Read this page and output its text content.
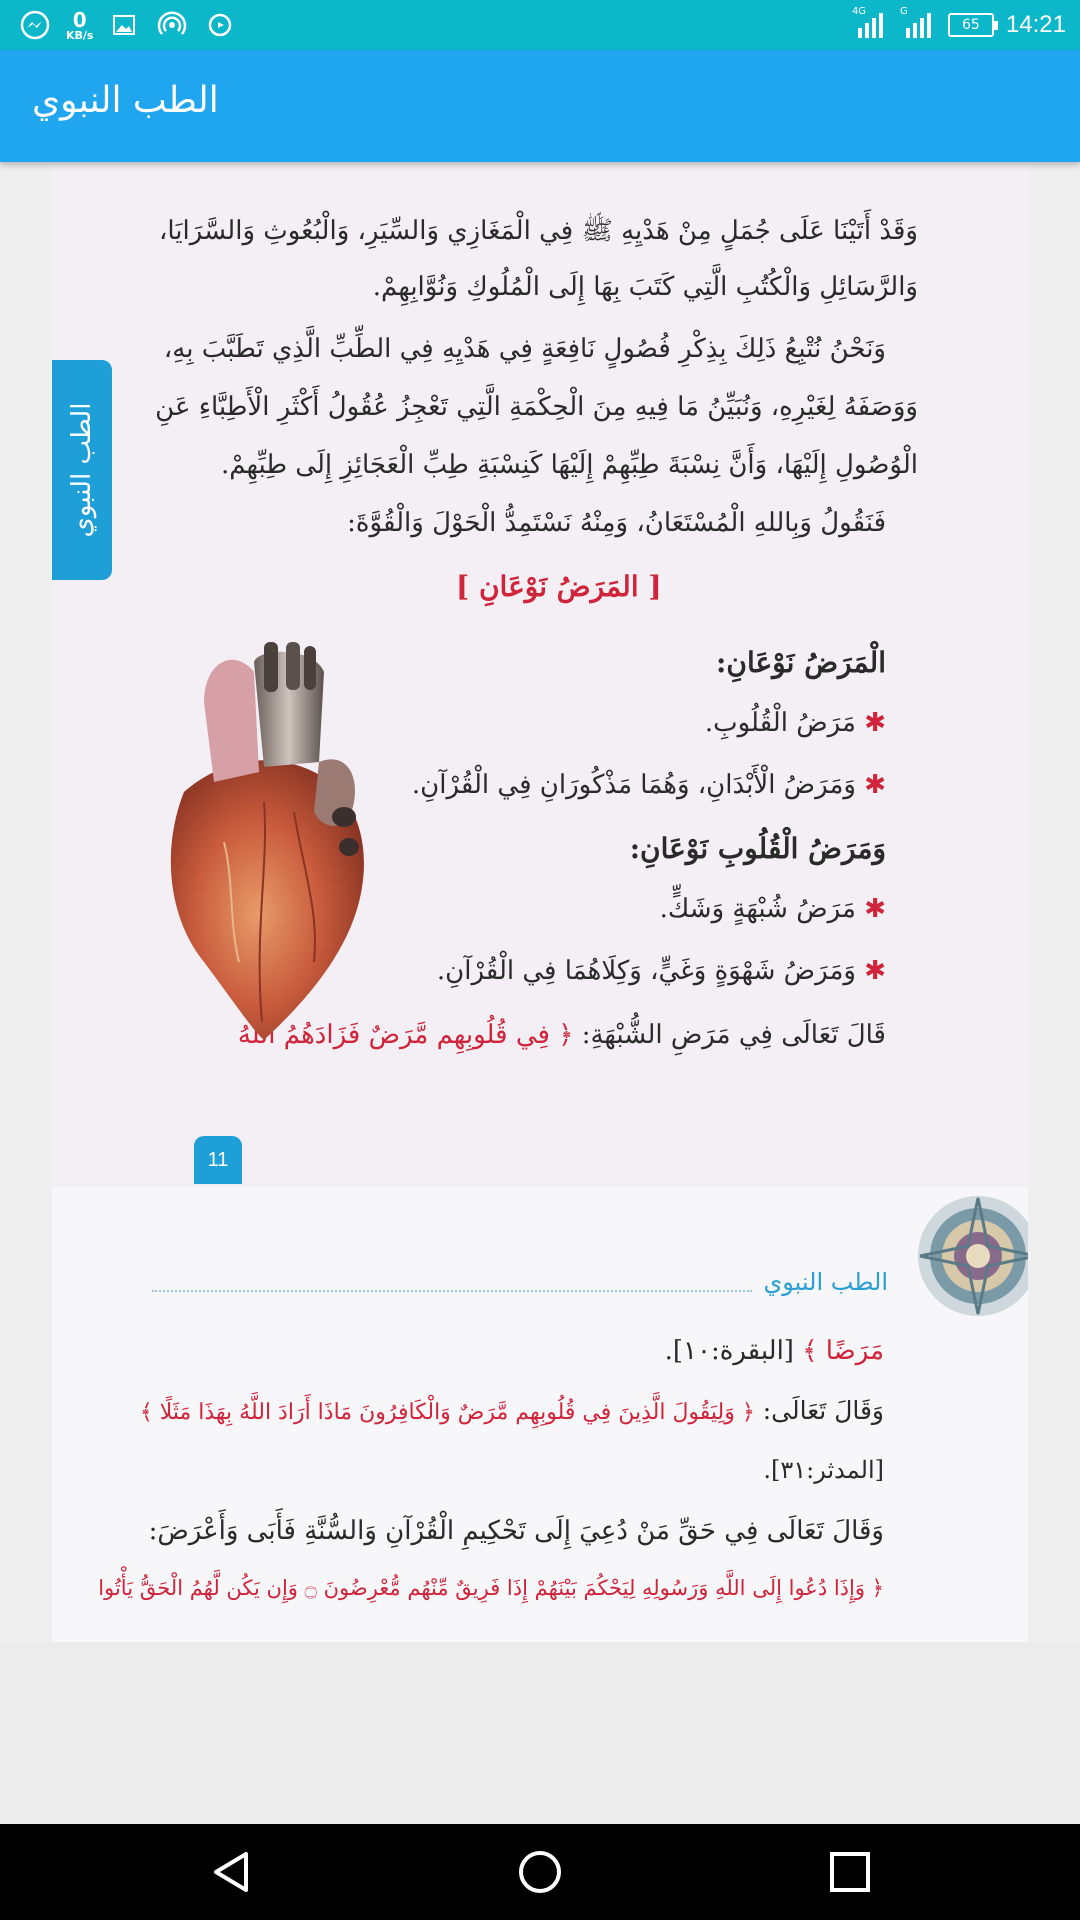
0
KB/s
4G	G
65 14:21
الطب النبوي
الطب النبوي
وَقَدْ أَتَيْنَا عَلَى جُمَلٍ مِنْ هَدْيِهِ ﷺ فِي الْمَغَازِي وَالسِّيَرِ، وَالْبُعُوثِ وَالسَّرَايَا،
وَالرَّسَائِلِ وَالْكُتُبِ الَّتِي كَتَبَ بِهَا إِلَى الْمُلُوكِ وَنُوَّابِهِمْ.
وَنَحْنُ نُتْبِعُ ذَلِكَ بِذِكْرِ فُصُولٍ نَافِعَةٍ فِي هَدْيِهِ فِي الطِّبِّ الَّذِي تَطَبَّبَ بِهِ،
وَوَصَفَهُ لِغَيْرِهِ، وَنُبَيِّنُ مَا فِيهِ مِنَ الْحِكْمَةِ الَّتِي تَعْجِزُ عُقُولُ أَكْثَرِ الْأَطِبَّاءِ عَنِ
الْوُصُولِ إِلَيْهَا، وَأَنَّ نِسْبَةَ طِبِّهِمْ إِلَيْهَا كَنِسْبَةِ طِبِّ الْعَجَائِزِ إِلَى طِبِّهِمْ.
فَنَقُولُ وَبِاللهِ الْمُسْتَعَانُ، وَمِنْهُ نَسْتَمِدُّ الْحَوْلَ وَالْقُوَّةَ:
[ المَرَضُ نَوْعَانِ ]
الْمَرَضُ نَوْعَانِ:
✱ مَرَضُ الْقُلُوبِ.
✱ وَمَرَضُ الْأَبْدَانِ، وَهُمَا مَذْكُورَانِ فِي الْقُرْآنِ.
وَمَرَضُ الْقُلُوبِ نَوْعَانِ:
✱ مَرَضُ شُبْهَةٍ وَشَكٍّ.
✱ وَمَرَضُ شَهْوَةٍ وَغَيٍّ، وَكِلَاهُمَا فِي الْقُرْآنِ.
قَالَ تَعَالَى فِي مَرَضِ الشُّبْهَةِ: ﴿ فِي قُلُوبِهِم مَّرَضٌ فَزَادَهُمُ اللَّهُ
11
الطب النبوي
مَرَضًا ﴾ [البقرة:١٠].
وَقَالَ تَعَالَى: ﴿ وَلِيَقُولَ الَّذِينَ فِي قُلُوبِهِم مَّرَضٌ وَالْكَافِرُونَ مَاذَا أَرَادَ اللَّهُ بِهَذَا مَثَلًا ﴾
[المدثر:٣١].
وَقَالَ تَعَالَى فِي حَقِّ مَنْ دُعِيَ إِلَى تَحْكِيمِ الْقُرْآنِ وَالسُّنَّةِ فَأَبَى وَأَعْرَضَ:
﴿ وَإِذَا دُعُوا إِلَى اللَّهِ وَرَسُولِهِ لِيَحْكُمَ بَيْنَهُمْ إِذَا فَرِيقٌ مِّنْهُم مُّعْرِضُونَ ۝ وَإِن يَكُن لَّهُمُ الْحَقُّ يَأْتُوا
